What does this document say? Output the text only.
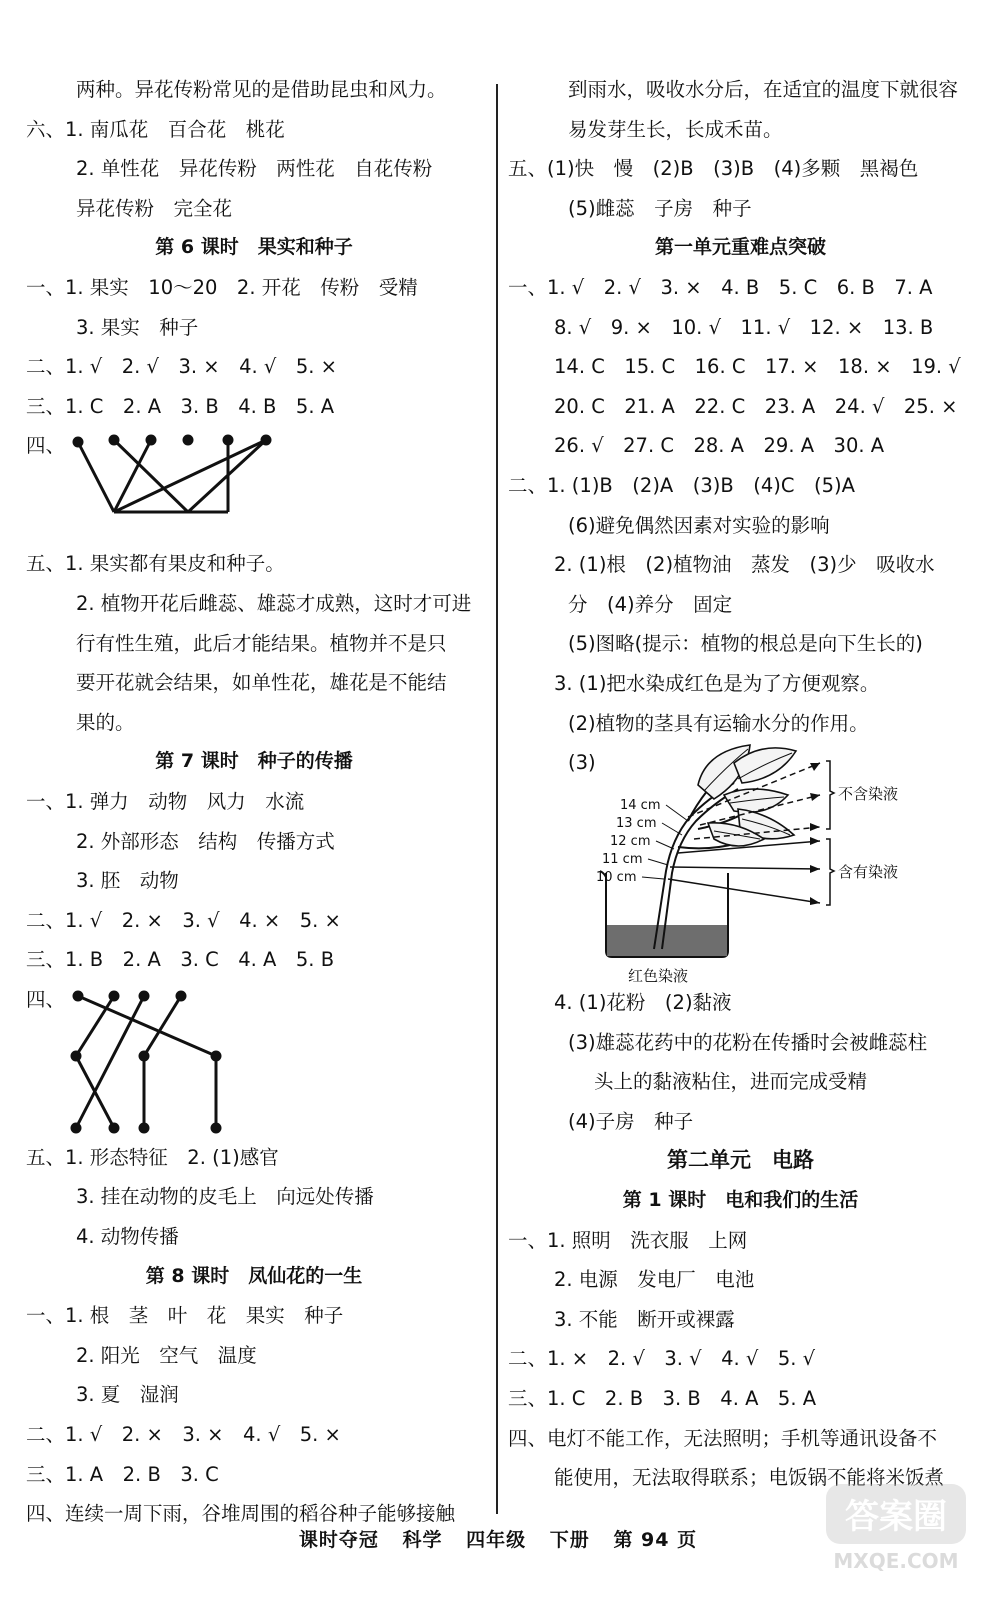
两种。异花传粉常见的是借助昆虫和风力。
六、1. 南瓜花　百合花　桃花
2. 单性花　异花传粉　两性花　自花传粉
异花传粉　完全花
第 6 课时　果实和种子
一、1. 果实　10～20　2. 开花　传粉　受精
3. 果实　种子
二、1. √　2. √　3. ×　4. √　5. ×
三、1. C　2. A　3. B　4. B　5. A
四、
五、1. 果实都有果皮和种子。
2. 植物开花后雌蕊、雄蕊才成熟，这时才可进
行有性生殖，此后才能结果。植物并不是只
要开花就会结果，如单性花，雄花是不能结
果的。
第 7 课时　种子的传播
一、1. 弹力　动物　风力　水流
2. 外部形态　结构　传播方式
3. 胚　动物
二、1. √　2. ×　3. √　4. ×　5. ×
三、1. B　2. A　3. C　4. A　5. B
四、
五、1. 形态特征　2. (1)感官
3. 挂在动物的皮毛上　向远处传播
4. 动物传播
第 8 课时　凤仙花的一生
一、1. 根　茎　叶　花　果实　种子
2. 阳光　空气　温度
3. 夏　湿润
二、1. √　2. ×　3. ×　4. √　5. ×
三、1. A　2. B　3. C
四、连续一周下雨，谷堆周围的稻谷种子能够接触
到雨水，吸收水分后，在适宜的温度下就很容
易发芽生长，长成禾苗。
五、(1)快　慢　(2)B　(3)B　(4)多颗　黑褐色
(5)雌蕊　子房　种子
第一单元重难点突破
一、1. √　2. √　3. ×　4. B　5. C　6. B　7. A
8. √　9. ×　10. √　11. √　12. ×　13. B
14. C　15. C　16. C　17. ×　18. ×　19. √
20. C　21. A　22. C　23. A　24. √　25. ×
26. √　27. C　28. A　29. A　30. A
二、1. (1)B　(2)A　(3)B　(4)C　(5)A
(6)避免偶然因素对实验的影响
2. (1)根　(2)植物油　蒸发　(3)少　吸收水
分　(4)养分　固定
(5)图略(提示：植物的根总是向下生长的)
3. (1)把水染成红色是为了方便观察。
(2)植物的茎具有运输水分的作用。
(3)
14 cm
13 cm
12 cm
11 cm
10 cm
不含染液
含有染液
红色染液
4. (1)花粉　(2)黏液
(3)雄蕊花药中的花粉在传播时会被雌蕊柱
头上的黏液粘住，进而完成受精
(4)子房　种子
第二单元　电路
第 1 课时　电和我们的生活
一、1. 照明　洗衣服　上网
2. 电源　发电厂　电池
3. 不能　断开或裸露
二、1. ×　2. √　3. √　4. √　5. √
三、1. C　2. B　3. B　4. A　5. A
四、电灯不能工作，无法照明；手机等通讯设备不
能使用，无法取得联系；电饭锅不能将米饭煮
课时夺冠 科学 四年级 下册 第 94 页
答案圈
MXQE.COM
